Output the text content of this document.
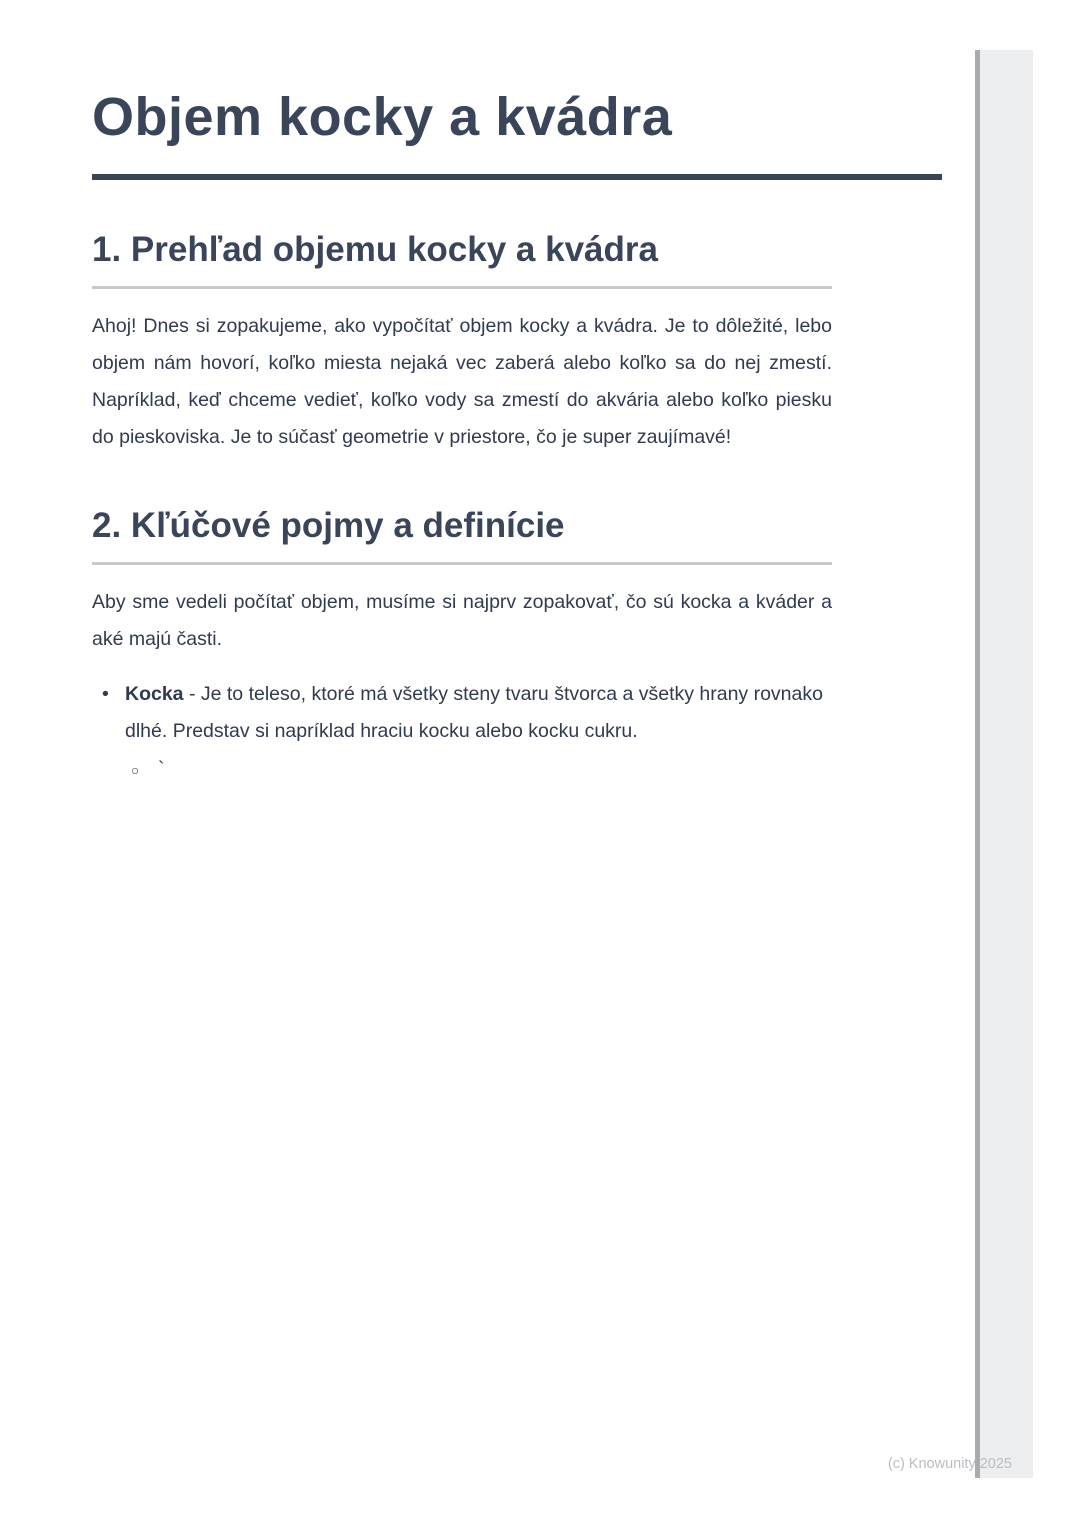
Objem kocky a kvádra
1. Prehľad objemu kocky a kvádra

Ahoj! Dnes si zopakujeme, ako vypočítať objem kocky a kvádra. Je to dôležité, lebo objem nám hovorí, koľko miesta nejaká vec zaberá alebo koľko sa do nej zmestí. Napríklad, keď chceme vedieť, koľko vody sa zmestí do akvária alebo koľko piesku do pieskoviska. Je to súčasť geometrie v priestore, čo je super zaujímavé!

2. Kľúčové pojmy a definície

Aby sme vedeli počítať objem, musíme si najprv zopakovať, čo sú kocka a kváder a aké majú časti.

• Kocka - Je to teleso, ktoré má všetky steny tvaru štvorca a všetky hrany rovnako dlhé. Predstav si napríklad hraciu kocku alebo kocku cukru.
○ `
(c) Knowunity 2025
